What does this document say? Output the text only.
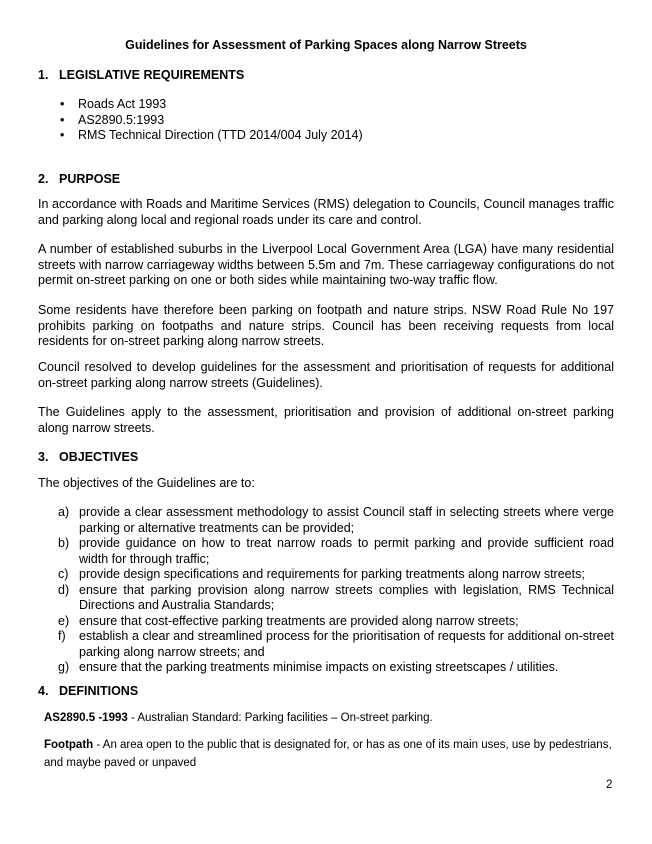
Guidelines for Assessment of Parking Spaces along Narrow Streets
1. LEGISLATIVE REQUIREMENTS
•	Roads Act 1993
•	AS2890.5:1993
•	RMS Technical Direction (TTD 2014/004 July 2014)
2. PURPOSE

In accordance with Roads and Maritime Services (RMS) delegation to Councils, Council manages traffic and parking along local and regional roads under its care and control.

A number of established suburbs in the Liverpool Local Government Area (LGA) have many residential streets with narrow carriageway widths between 5.5m and 7m. These carriageway configurations do not permit on-street parking on one or both sides while maintaining two-way traffic flow.

Some residents have therefore been parking on footpath and nature strips. NSW Road Rule No 197 prohibits parking on footpaths and nature strips. Council has been receiving requests from local residents for on-street parking along narrow streets.

Council resolved to develop guidelines for the assessment and prioritisation of requests for additional on-street parking along narrow streets (Guidelines).

The Guidelines apply to the assessment, prioritisation and provision of additional on-street parking along narrow streets.

3. OBJECTIVES

The objectives of the Guidelines are to:

a) provide a clear assessment methodology to assist Council staff in selecting streets where verge parking or alternative treatments can be provided;
b) provide guidance on how to treat narrow roads to permit parking and provide sufficient road width for through traffic;
c) provide design specifications and requirements for parking treatments along narrow streets;
d) ensure that parking provision along narrow streets complies with legislation, RMS Technical Directions and Australia Standards;
e) ensure that cost-effective parking treatments are provided along narrow streets;
f)	establish a clear and streamlined process for the prioritisation of requests for additional on-street parking along narrow streets; and
g) ensure that the parking treatments minimise impacts on existing streetscapes / utilities.
4. DEFINITIONS
AS2890.5 -1993 - Australian Standard: Parking facilities – On-street parking.
Footpath - An area open to the public that is designated for, or has as one of its main uses, use by pedestrians, and maybe paved or unpaved
2
